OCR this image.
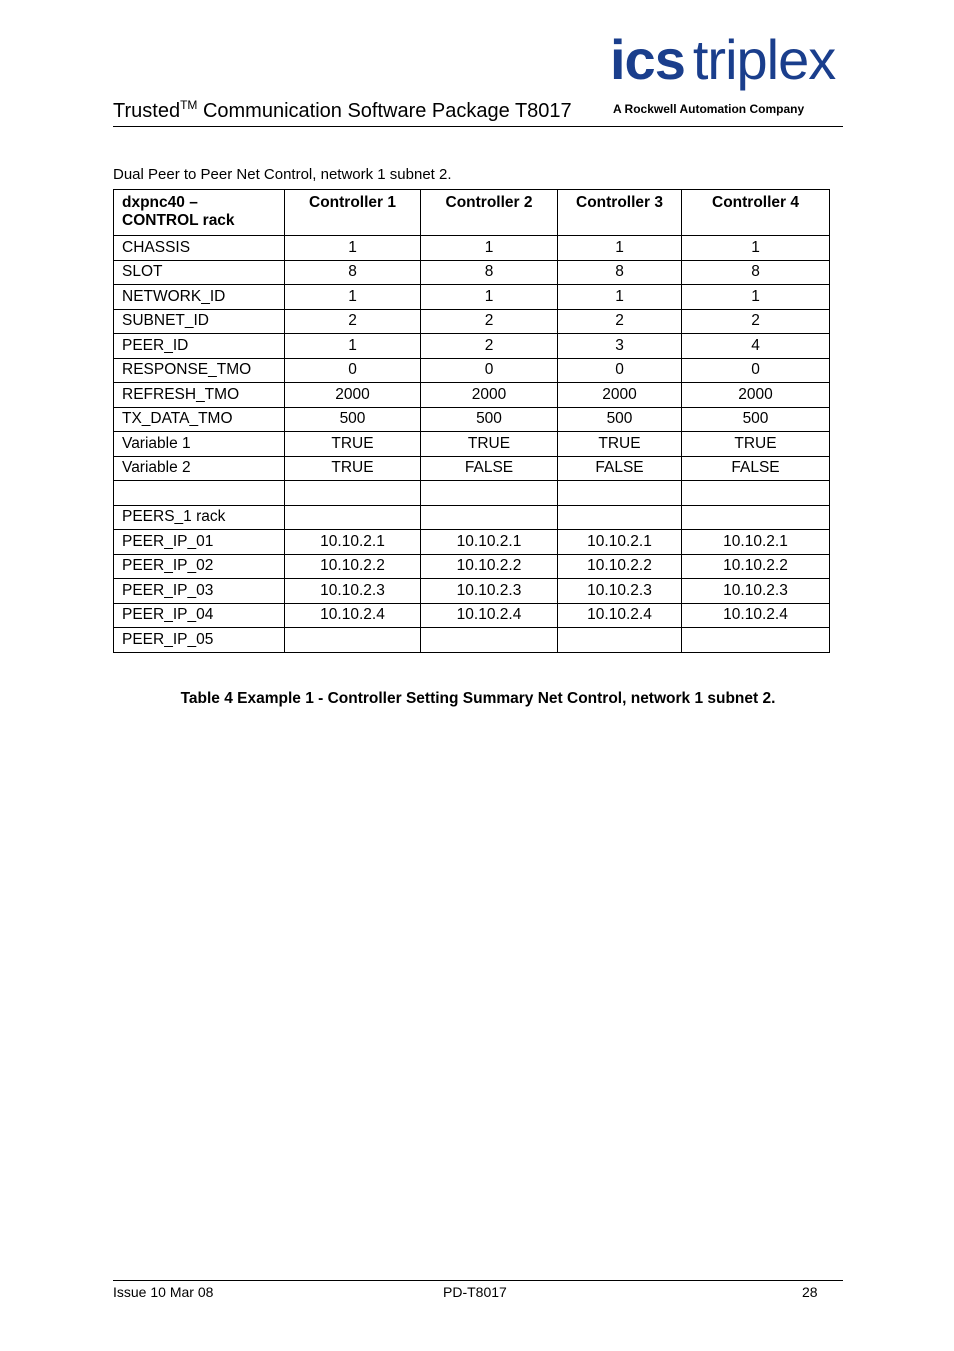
Trusted™ Communication Software Package T8017
ics triplex
A Rockwell Automation Company
Dual Peer to Peer Net Control, network 1 subnet 2.
dxpnc40 –
CONTROL rack	Controller 1	Controller 2	Controller 3	Controller 4
CHASSIS	1	1	1	1
SLOT	8	8	8	8
NETWORK_ID	1	1	1	1
SUBNET_ID	2	2	2	2
PEER_ID	1	2	3	4
RESPONSE_TMO	0	0	0	0
REFRESH_TMO	2000	2000	2000	2000
TX_DATA_TMO	500	500	500	500
Variable 1	TRUE	TRUE	TRUE	TRUE
Variable 2	TRUE	FALSE	FALSE	FALSE

PEERS_1 rack				
PEER_IP_01	10.10.2.1	10.10.2.1	10.10.2.1	10.10.2.1
PEER_IP_02	10.10.2.2	10.10.2.2	10.10.2.2	10.10.2.2
PEER_IP_03	10.10.2.3	10.10.2.3	10.10.2.3	10.10.2.3
PEER_IP_04	10.10.2.4	10.10.2.4	10.10.2.4	10.10.2.4
PEER_IP_05				
Table 4 Example 1 - Controller Setting Summary Net Control, network 1 subnet 2.
Issue 10 Mar 08	PD-T8017	28
